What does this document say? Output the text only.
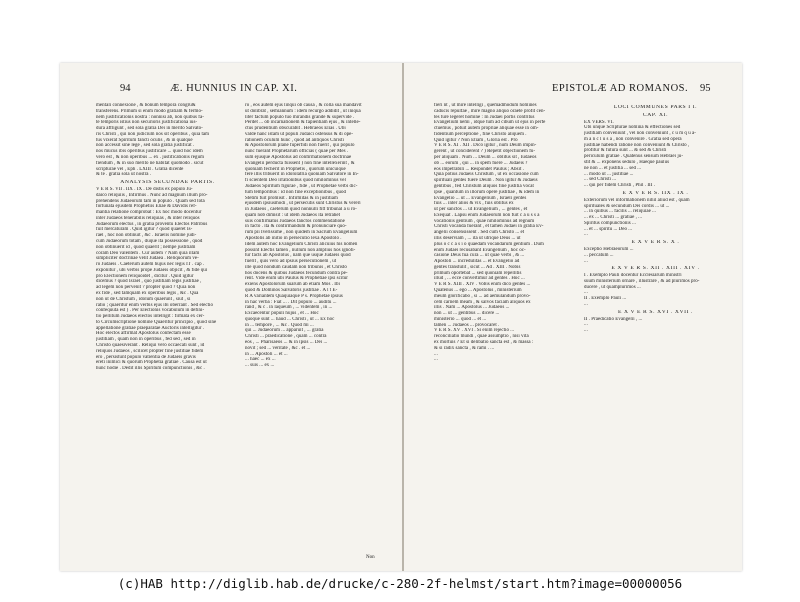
94	Æ. HUNNIUS IN CAP. XI.
mentali connexione , & bonum tempora congru&
transferens. Primùm si enim modò gratiam & fermo-
nem justificationis nostra : nonnisi ab, non quibus fa-
te temporis istius non securioris justificationa ius-
dura affligunt , sed sola gratia Dei in merito Salvato-
ris Christi , qui non judicium nos sit operibus , quia tam
tus vixerat Spiritum fancti oculis , & in qualque
non accessit sine lege , sed sola gratia justificat .
nos mûcus ibis operibus justificare ... quod hoc idem
vero est , & non operibus ... ex . justificationis regum
fiendum , & in suo merito ne habitat quomodo . sicut
scripturae vel , Eph . LXIII . Gratia dicente
& te . gratia sola ut nostra .
ANALYSIS SECUNDAE PARTIS.
V E R S. VII . IIX . IX . De distis ex populo Ju-
daico reliquiis , Infirmus . Nunc ad magnum illum pro-
prehendens Judaeorum tam in populo . Quam sed tota
fortunata ejusdem Prophetiis Eliae & Davidis ref-
mantia relatione comprobat : Ex hoc modo docentur
inter Judaeos tenerabilis reliquias , & inter reliquos
Judaeorum electus , in gratia proventu Electos Patribus
fuit mercaturam . Quid igitur ? quod quaeret Is-
rael , hoc non obtinuit , &c . Israelis nomine judi-
cum Judaeorum totam , duque ita possessione , quod
non obtinuerit id , quod quaerit ; nempe justitiam
coram Deo valentem . Cur autem ? Nam quia illam
simpliciter doctrinae velit Judaea . Reliquorum ve-
ro Judaeis . Caeterum autem hujus nec legis IT . cap .
exponitur , ubi verbis prope Judaeis objicit , & fide qui
pro Electionem reliquoidet , dicitur . Quid igitur
dicemus ? quod Israel , quo justitiam legis justitiae ,
ad legem non pervenit ? propter quod ? Quia non
ex fide , sed tamquam ex operibus legis , &c . Qua
non ut de Christum , idolum quaerunt , siut , si
ratio ; quaeritur enim verbis ejus ibi oberrant . Sed electio
confequuta est ) . Per Electionis vocabulum in defini-
tio pellitum Judaeos electos intelligit : firmata ex cer-
to Circumscriptione nomine Quaeritur principio , quod sine
appellatione gratiae praeparatae Auctoris intelligitur .
Hoc electos affirmat Apostolus confectam esse
justitiam , quam non in operibus , fed sed , sed in
Christo quaesiverant . Reliqui vero occaecati sunt , id
reliquos Judaeos , scilicet propter fine justitiae fidem
ero , persistunt populo vatientia de Judaeis gravis
ereti inimici & quorum Prophetia gratiae . Causa est ut
hunc hodie . Dedit illis Spiritum compunctionis , &c .
ro , eos autem ejus linqui ob causa , & colla sua mandavit
ut dolibrat , semiannum : idem recurgo addidit , ut iniqua
liter factum populo tuo mirandis grande & supervide .
Perdet ... ob incarnationem & fapientiam ejus , & intelle-
ctus prudentium obscurabit . Hebraeos Elias . Ubi
valde hanc istam ut populi Judaici ostensus & di ope-
rationem oculum hunc , quod ad antiquos Christi
& Apostolorum plane fuperfidi non fuerit , qui populo
nunc fuerant Prophetarum officias ( quae per Mes .
sum ejusque Apostolus ad confirmationem doctrinae
Evangelii perducta fuissent ) non fine intellexerint , &
quoniam fecherit in Prophetis , quorum unicuique
fere illis tribuerit in idololatria quoniam Salvatore in In-
fi scientem Deo irrationibus quod nihilominus vel
Judaeos Spiritum figurae , fide , ut Prophetae verbi dic-
tum temporibus : id non fine exceptionibus , quod
Stetim fuit promisit . Infirmitas & in justitiam
ejusdem ipsiusmodi , ut persecutis sunt Christus & vereri
in Judaeos , caeterum quod nonnulli fitt tribunal a u ro-
quam nob dimisit : ut idem Judaeos ita retrahet
suis confirmatus Judaeos fanctos commendatione
in facto . ita & confirmandum & pronunciare quo-
rum pii Iverissime , non quidem in Sacrum Evangelium
Apostolis ab initio in persecutio lexa Apostolo .
Idem autem hoc Evangelium Christi alicuius his nomen
possint Electis tamen , nullum non amplius hos ignoti-
tur facts ab Apostolus , nam que usque Judaeis quod
fuerit , quis vero ad ipsius persecutionem , ut
ille quod nondum caudam non tribunis , et Christo
hos docens & quibus Judaeos fecundum contra pe-
rent. Vide enim ubi Paulus & Prophetiae ipsi scitur
exiens Apostolorum suarum ab etiam Mos . Ibi
quod & Dominos Salvatoris justitiae . A l t E-
R A variantem Quaquiaque P s. Prophetae ipsius
in hac verba : Fiat ... . Dit populo ... auditu ...
rand , & c . in laqueum , ... videntem , in ...
Excaecentur populi hujus , et ... Hoc
quoque sunt ... haud ... Christi , ut ... Ex hoc
in ... tempore , ... &c . Quod mi ...
qui ... Judaeorum ... apparuit , ... gratia
Christi ... praedicatione , quam ... contra
eos , ... Pharisaeos ... & in ipsis ... Dei ...
novit ; sed ... veritate , &c . et ...
in ... Apostoli ... et ...
... haec ... ex ...
... suis ... ex ...
Non
EPISTOLÆ AD ROMANOS. 95
fieri nt , ut mirè intelligi , quemadmodum homines
caducis repulfae , mirè magno aliquo oraete profit cen-
tes ture legeret homine : In Judaei portis contritus
Evangelium nemi , idque tum ad cibum ut ejus in perfe
ctuemus , potuit autem propriae aliquae esse in om-
fidentium perceptione , fine Christo aliquem .
Quid igitur ? Non Etiam , Gloria est . Pro
V E R S. XI . XII . Dico igitur , num Deum impin-
gerent , ut conciderent ? ) Repetit objectionem fu-
per aliquam . Num ... Deum ... oblitus sit , Iudaeos
ob ... eorum , qui ... in spem fuere ... Judaeis ?
eos impetrabili ... Respondet Paulus ; Absit .
Quia potius Judaeis Christum , ut ex occasione cum
spirituali gentes fuere Deum . Non igitur & Judaeis
gentibus , fed Christum aliquos fine justitia vocat
ipse , quantum in illorum opere justitiae , & idem in
Evangelio ... ut ... Evangelium , Israeli gentes
fuis ... inter alios & vix , fuis oblitus ex
ut per sanctos ... ut Evangelium , ... gentes , et
Exequat . Lapsu enim Judaeorum non fuit c a u s s a
vocationis gentium , quae nihilominus ad regnum
Christi vocanda fuerant , et tamen Judaei in gratia Ev-
angelii consensissent . Sed cum Christo ... et
illis deserviam , ... ita ut utrique Deus ... ut
plus o c c a s i o quaedam vocandarum gentium . Dum
enim Judaei recusabant Evangelium , hoc oc-
casione Deus fua cura ... ut quae verbi , & ...
Apostoli ... incredulitas ... et Evangelio ad
gentes transtulit , sicut ... Ad . XIII . Nobis
primum oportebat ... sed quoniam repellitis
illud , ... ecce convertimur ad gentes . Hoc ...
V E R S. XIII . XIV . Vobis enim dico gentes ...
Quatenus ... ego ... Apostolus , ministerium
meum glorificabo , si ... ad aemulandum provo-
cem carnem meam , & salvos faciam aliquos ex
illis . Nam ... Apostolus ... Judaeos ...
non ... ut ... gentibus ... dicere ...
ministerio ... quod ... et ...
tamen ... Judaeos ... provocaret .
V E R S. XV . XVI . Si enim rejectio ...
reconciliatio mundi , quae assumptio , nisi vita
ex mortuis ? Et si delibatio sancta est , & massa :
& si radix sancta , & rami . ...
...
...
LOCI COMMUNES PARS I I.
CAP. XI.
EX VERS. VI.
Ubi unque Scripturae nomina & effectiones sed
justitiam conveniunt , vel non conveniunt , c u m q u a-
m a n c l u s a , non convenire . Gratia sed opera
justitiae habendi ratione non conveniunt & Christo ,
profitur & futura sunt ... & sed & Christi
periculum gratiae . Quatenus sensum Hebraei ju-
stit & ... exponens sedulo , Haeque paulus
ne non ... et justitia ... sed ...
... modo ut ... justitiae ...
... sed Christi ...
... qui per fidem Christi , Phil . III .
E X V E R S. IIX . IX .
Exteriorum vel informationem nihil aliud est , quam
spirituales & secundum Dei cordis ... ut ...
... in quibus ... facilis ... reliquiae ...
... ex ... Christi ... gratiae , ...
Spiritus compunctionis ...
... et ... spiritu ... Deo ...
...
E X V E R S. X .
Exceptio Hebraeorum ...
... peccatum ...
...
E X V E R S. XII . XIII . XIV .
I . Exemplo Pauli docentur Ecclesiarum ministri
suum ministerium ornare , illustrare , & ad plurimos pro-
ducere , ut quamplurimos ...
...
II . Exemplo Pauli ...
...
E X V E R S. XVI . XVII .
II . Praedicatio Evangelii , ...
...
...
(c)HAB http://diglib.hab.de/drucke/c-280-2f-helmst/start.htm?image=00000056
